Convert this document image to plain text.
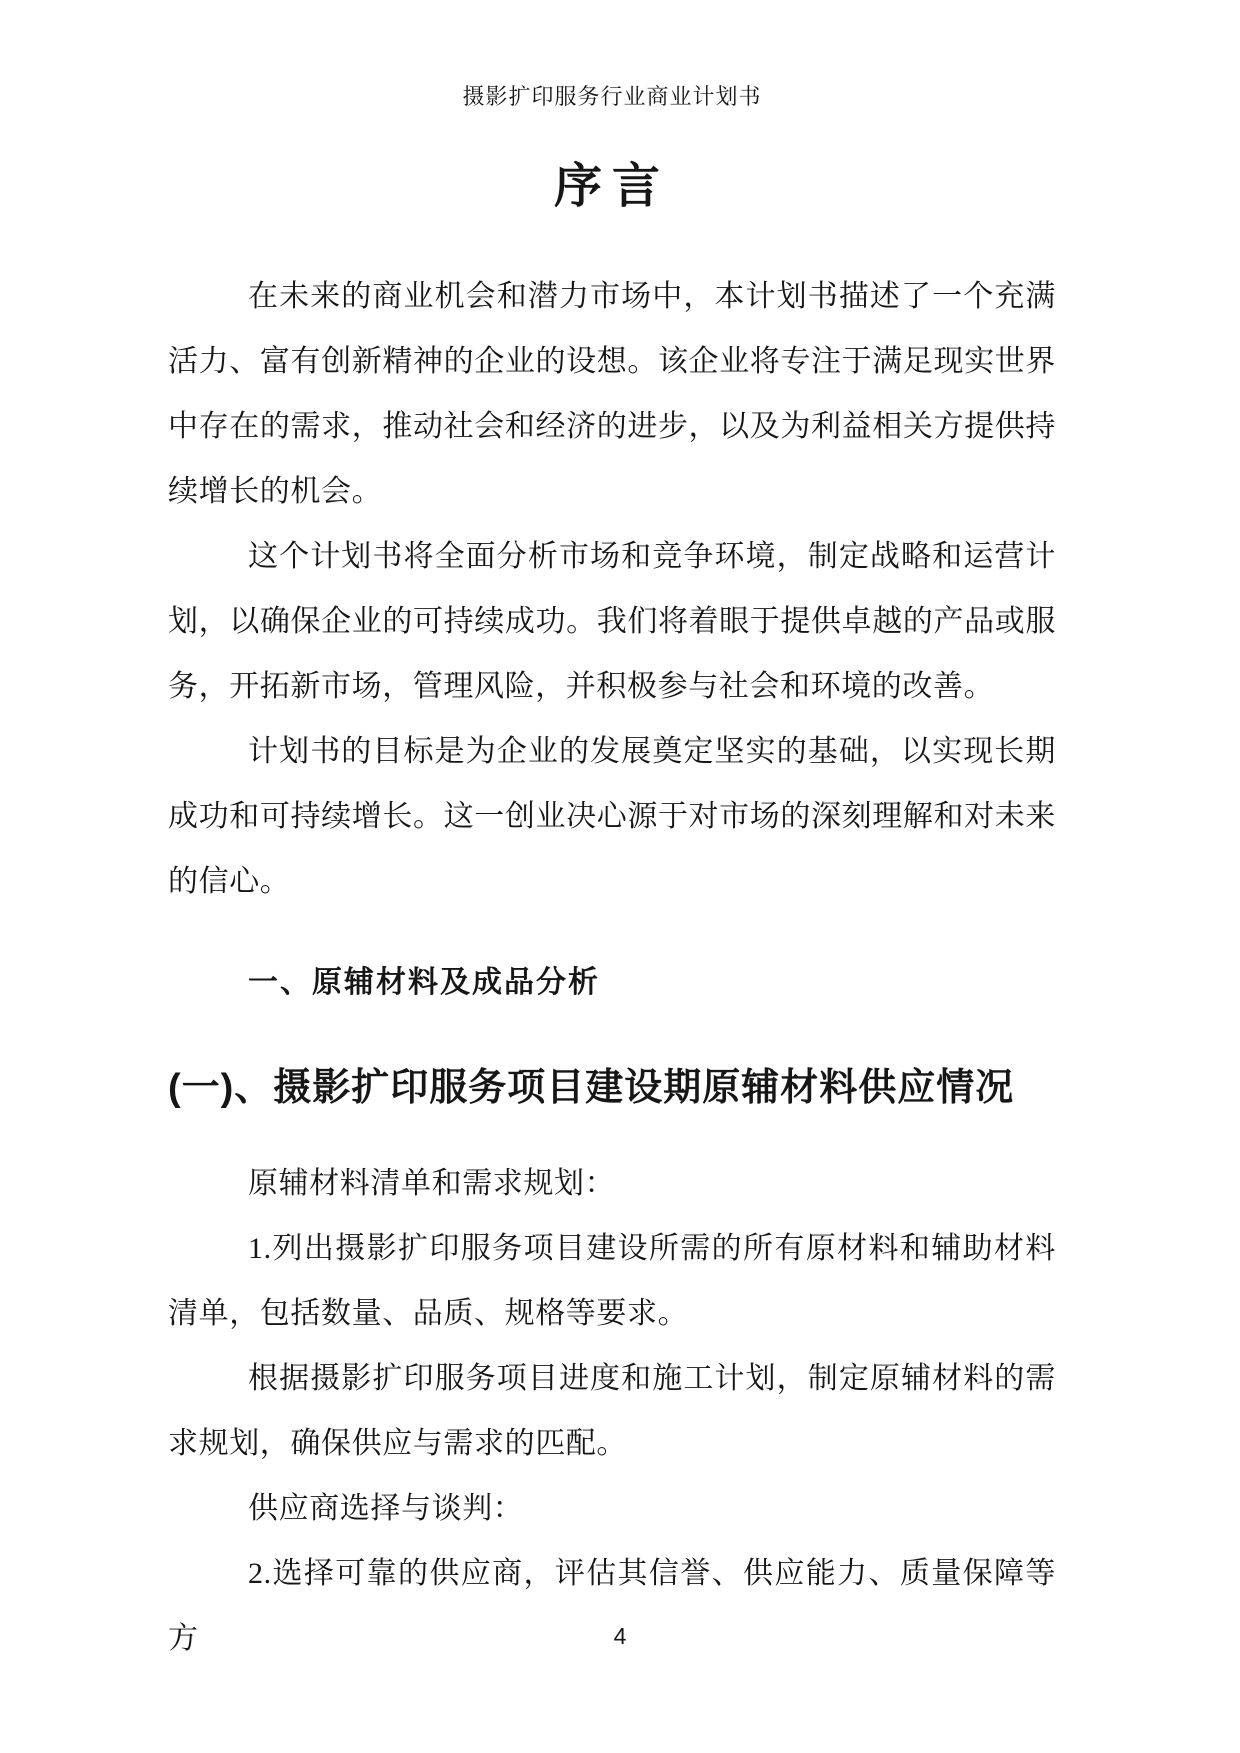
摄影扩印服务行业商业计划书
序言

在未来的商业机会和潜力市场中，本计划书描述了一个充满活力、富有创新精神的企业的设想。该企业将专注于满足现实世界中存在的需求，推动社会和经济的进步，以及为利益相关方提供持续增长的机会。

这个计划书将全面分析市场和竞争环境，制定战略和运营计划，以确保企业的可持续成功。我们将着眼于提供卓越的产品或服务，开拓新市场，管理风险，并积极参与社会和环境的改善。

计划书的目标是为企业的发展奠定坚实的基础，以实现长期成功和可持续增长。这一创业决心源于对市场的深刻理解和对未来的信心。

一、原辅材料及成品分析
(一)、摄影扩印服务项目建设期原辅材料供应情况

原辅材料清单和需求规划：

1.列出摄影扩印服务项目建设所需的所有原材料和辅助材料清单，包括数量、品质、规格等要求。

根据摄影扩印服务项目进度和施工计划，制定原辅材料的需求规划，确保供应与需求的匹配。

供应商选择与谈判：

2.选择可靠的供应商，评估其信誉、供应能力、质量保障等方	4
